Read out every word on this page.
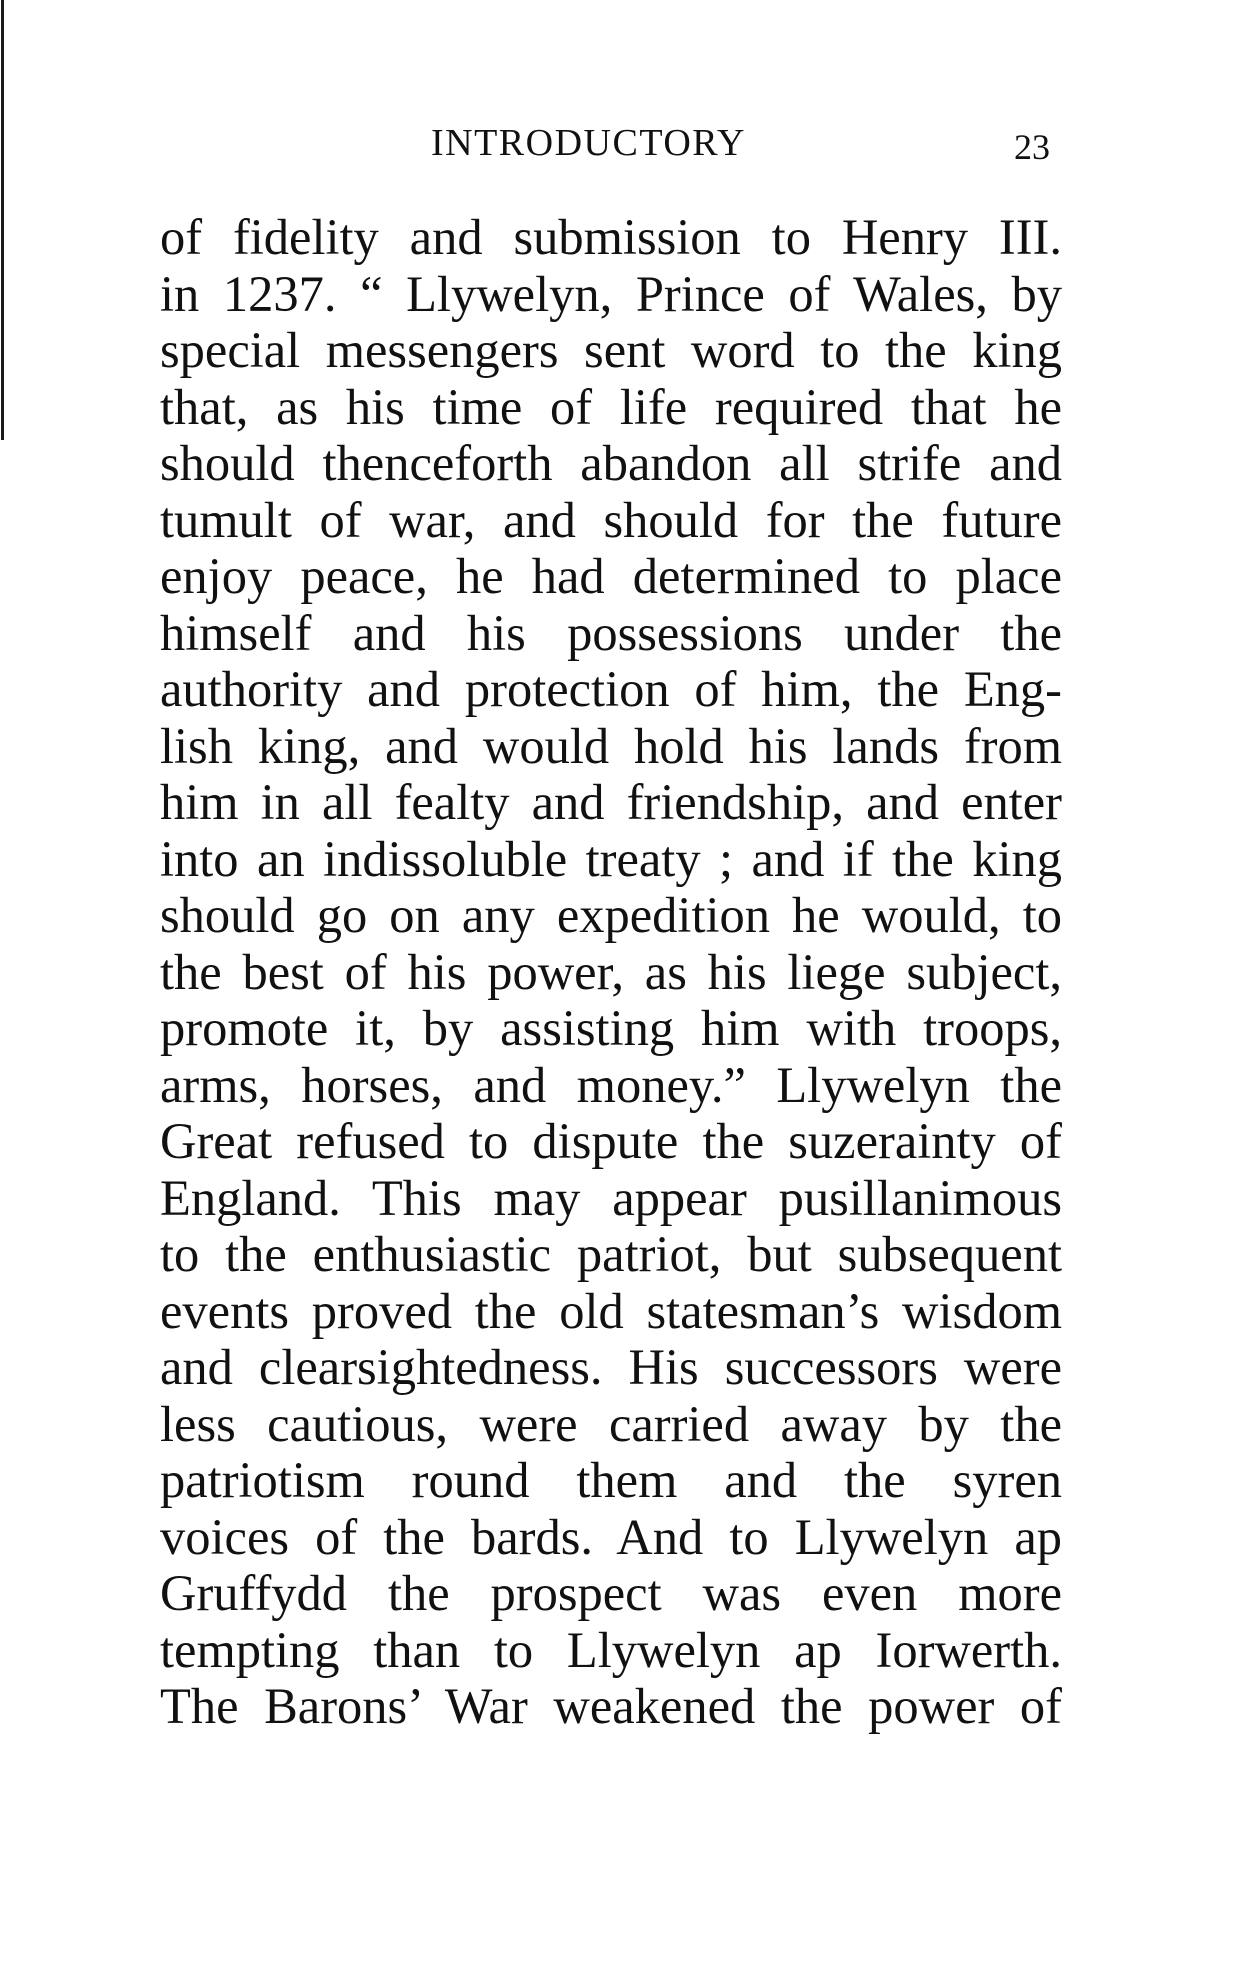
INTRODUCTORY	23
of fidelity and submission to Henry III.
in 1237. “ Llywelyn, Prince of Wales, by
special messengers sent word to the king
that, as his time of life required that he
should thenceforth abandon all strife and
tumult of war, and should for the future
enjoy peace, he had determined to place
himself and his possessions under the
authority and protection of him, the Eng-
lish king, and would hold his lands from
him in all fealty and friendship, and enter
into an indissoluble treaty ; and if the king
should go on any expedition he would, to
the best of his power, as his liege subject,
promote it, by assisting him with troops,
arms, horses, and money.” Llywelyn the
Great refused to dispute the suzerainty of
England. This may appear pusillanimous
to the enthusiastic patriot, but subsequent
events proved the old statesman’s wisdom
and clearsightedness. His successors were
less cautious, were carried away by the
patriotism round them and the syren
voices of the bards. And to Llywelyn ap
Gruffydd the prospect was even more
tempting than to Llywelyn ap Iorwerth.
The Barons’ War weakened the power of
